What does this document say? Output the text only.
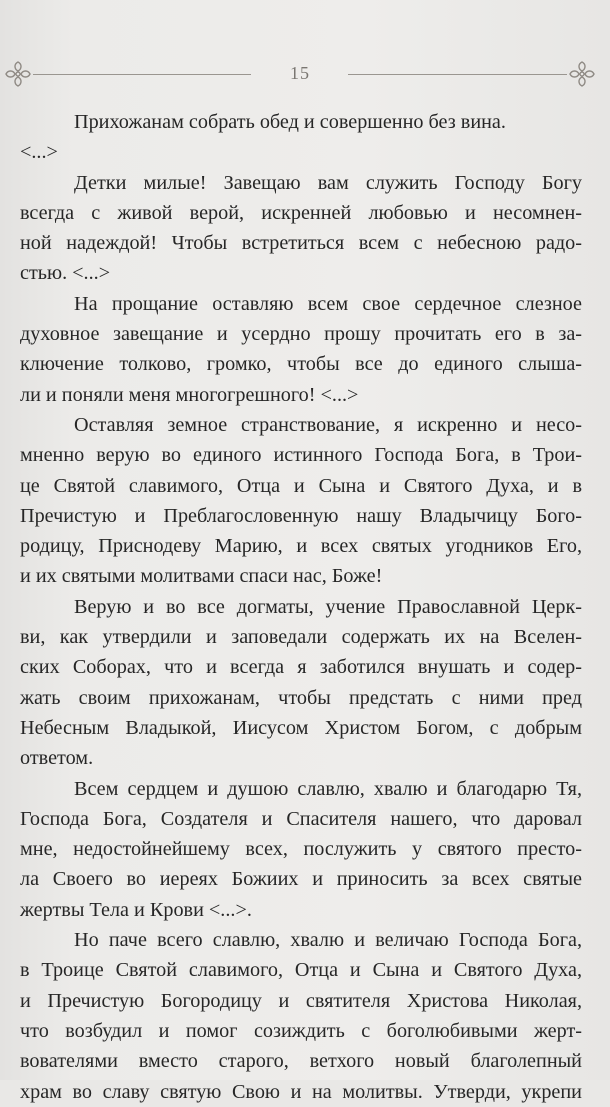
15
Прихожанам собрать обед и совершенно без вина.
<...>
Детки милые! Завещаю вам служить Господу Богу
всегда с живой верой, искренней любовью и несомнен-
ной надеждой! Чтобы встретиться всем с небесною радо-
стью. <...>
На прощание оставляю всем свое сердечное слезное
духовное завещание и усердно прошу прочитать его в за-
ключение толково, громко, чтобы все до единого слыша-
ли и поняли меня многогрешного! <...>
Оставляя земное странствование, я искренно и несо-
мненно верую во единого истинного Господа Бога, в Трои-
це Святой славимого, Отца и Сына и Святого Духа, и в
Пречистую и Преблагословенную нашу Владычицу Бого-
родицу, Приснодеву Марию, и всех святых угодников Его,
и их святыми молитвами спаси нас, Боже!
Верую и во все догматы, учение Православной Церк-
ви, как утвердили и заповедали содержать их на Вселен-
ских Соборах, что и всегда я заботился внушать и содер-
жать своим прихожанам, чтобы предстать с ними пред
Небесным Владыкой, Иисусом Христом Богом, с добрым
ответом.
Всем сердцем и душою славлю, хвалю и благодарю Тя,
Господа Бога, Создателя и Спасителя нашего, что даровал
мне, недостойнейшему всех, послужить у святого престо-
ла Своего во иереях Божиих и приносить за всех святые
жертвы Тела и Крови <...>.
Но паче всего славлю, хвалю и величаю Господа Бога,
в Троице Святой славимого, Отца и Сына и Святого Духа,
и Пречистую Богородицу и святителя Христова Николая,
что возбудил и помог созиждить с боголюбивыми жерт-
вователями вместо старого, ветхого новый благолепный
храм во славу святую Свою и на молитвы. Утверди, укрепи
